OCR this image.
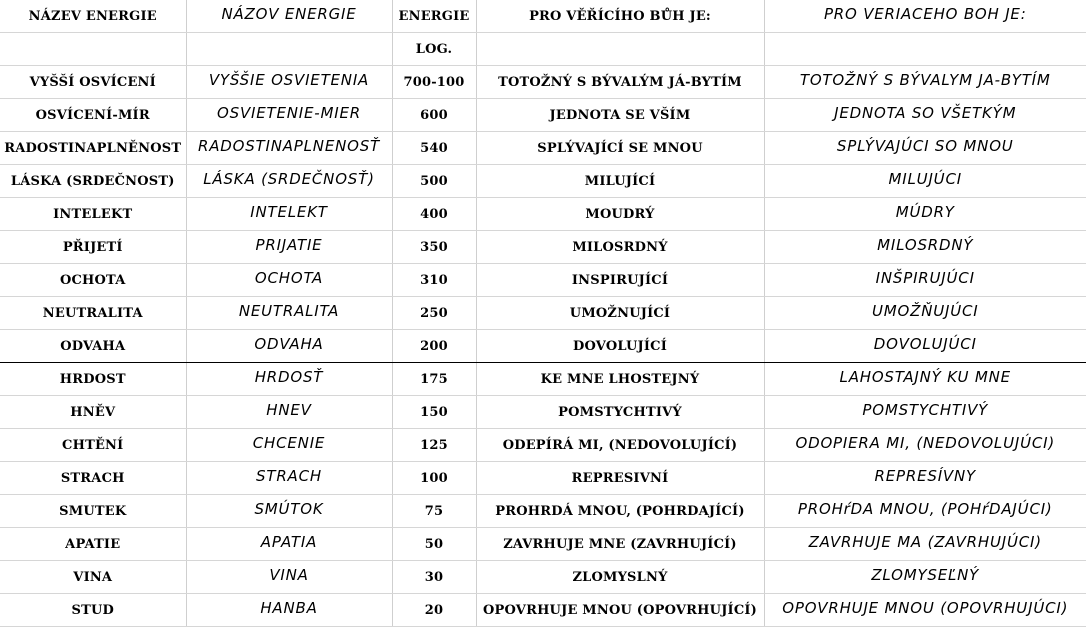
NÁZEV ENERGIE	NÁZOV ENERGIE	ENERGIE	PRO VĚŘÍCÍHO BŮH JE:	PRO VERIACEHO BOH JE:
		LOG.		
VYŠŠÍ OSVÍCENÍ	VYŠŠIE OSVIETENIA	700-100	TOTOŽNÝ S BÝVALÝM JÁ-BYTÍM	TOTOŽNÝ S BÝVALYM JA-BYTÍM
OSVÍCENÍ-MÍR	OSVIETENIE-MIER	600	JEDNOTA SE VŠÍM	JEDNOTA SO VŠETKÝM
RADOSTINAPLNĚNOST	RADOSTINAPLNENOSŤ	540	SPLÝVAJÍCÍ SE MNOU	SPLÝVAJÚCI SO MNOU
LÁSKA (SRDEČNOST)	LÁSKA (SRDEČNOSŤ)	500	MILUJÍCÍ	MILUJÚCI
INTELEKT	INTELEKT	400	MOUDRÝ	MÚDRY
PŘIJETÍ	PRIJATIE	350	MILOSRDNÝ	MILOSRDNÝ
OCHOTA	OCHOTA	310	INSPIRUJÍCÍ	INŠPIRUJÚCI
NEUTRALITA	NEUTRALITA	250	UMOŽNUJÍCÍ	UMOŽŇUJÚCI
ODVAHA	ODVAHA	200	DOVOLUJÍCÍ	DOVOLUJÚCI
HRDOST	HRDOSŤ	175	KE MNE LHOSTEJNÝ	LAHOSTAJNÝ KU MNE
HNĚV	HNEV	150	POMSTYCHTIVÝ	POMSTYCHTIVÝ
CHTĚNÍ	CHCENIE	125	ODEPÍRÁ MI, (NEDOVOLUJÍCÍ)	ODOPIERA MI, (NEDOVOLUJÚCI)
STRACH	STRACH	100	REPRESIVNÍ	REPRESÍVNY
SMUTEK	SMÚTOK	75	PROHRDÁ MNOU, (POHRDAJÍCÍ)	PROHŕDA MNOU, (POHŕDAJÚCI)
APATIE	APATIA	50	ZAVRHUJE MNE (ZAVRHUJÍCÍ)	ZAVRHUJE MA (ZAVRHUJÚCI)
VINA	VINA	30	ZLOMYSLNÝ	ZLOMYSEĽNÝ
STUD	HANBA	20	OPOVRHUJE MNOU (OPOVRHUJÍCÍ)	OPOVRHUJE MNOU (OPOVRHUJÚCI)
